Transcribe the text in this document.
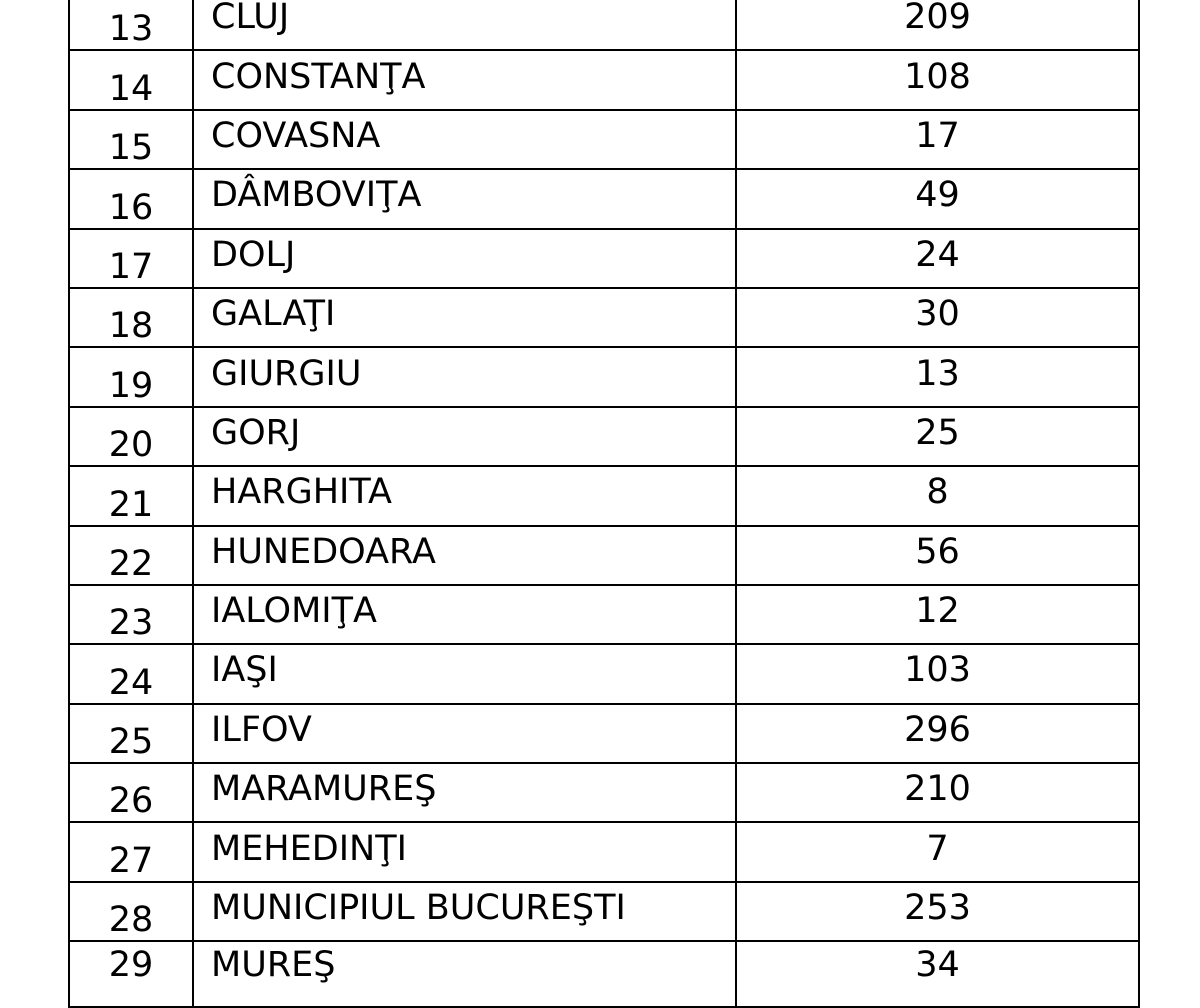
13	CLUJ	209
14	CONSTANŢA	108
15	COVASNA	17
16	DÂMBOVIŢA	49
17	DOLJ	24
18	GALAŢI	30
19	GIURGIU	13
20	GORJ	25
21	HARGHITA	8
22	HUNEDOARA	56
23	IALOMIŢA	12
24	IAŞI	103
25	ILFOV	296
26	MARAMUREŞ	210
27	MEHEDINŢI	7
28	MUNICIPIUL BUCUREŞTI	253
29	MUREŞ	34
